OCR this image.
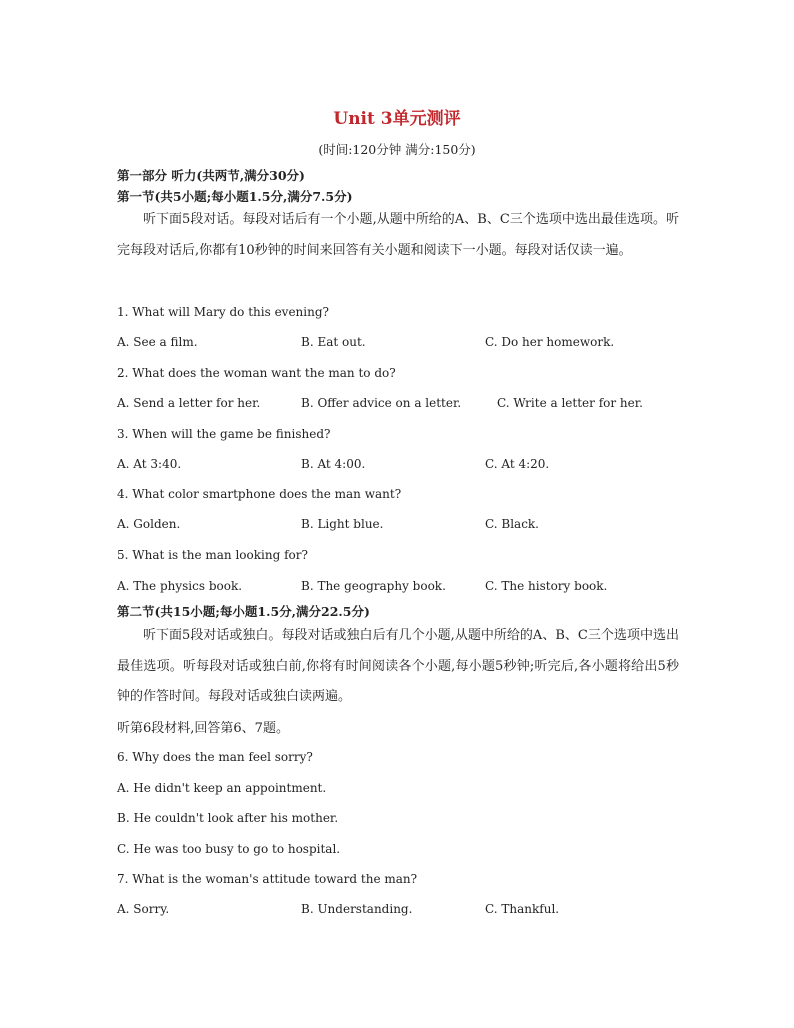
Unit 3单元测评
(时间:120分钟 满分:150分)
第一部分 听力(共两节,满分30分)
第一节(共5小题;每小题1.5分,满分7.5分)
听下面5段对话。每段对话后有一个小题,从题中所给的A、B、C三个选项中选出最佳选项。听完每段对话后,你都有10秒钟的时间来回答有关小题和阅读下一小题。每段对话仅读一遍。
1. What will Mary do this evening?
A. See a film.	B. Eat out.	C. Do her homework.
2. What does the woman want the man to do?
A. Send a letter for her.	B. Offer advice on a letter.	C. Write a letter for her.
3. When will the game be finished?
A. At 3:40.	B. At 4:00.	C. At 4:20.
4. What color smartphone does the man want?
A. Golden.	B. Light blue.	C. Black.
5. What is the man looking for?
A. The physics book.	B. The geography book.	C. The history book.
第二节(共15小题;每小题1.5分,满分22.5分)
听下面5段对话或独白。每段对话或独白后有几个小题,从题中所给的A、B、C三个选项中选出最佳选项。听每段对话或独白前,你将有时间阅读各个小题,每小题5秒钟;听完后,各小题将给出5秒钟的作答时间。每段对话或独白读两遍。
听第6段材料,回答第6、7题。
6. Why does the man feel sorry?
A. He didn't keep an appointment.
B. He couldn't look after his mother.
C. He was too busy to go to hospital.
7. What is the woman's attitude toward the man?
A. Sorry.	B. Understanding.	C. Thankful.
